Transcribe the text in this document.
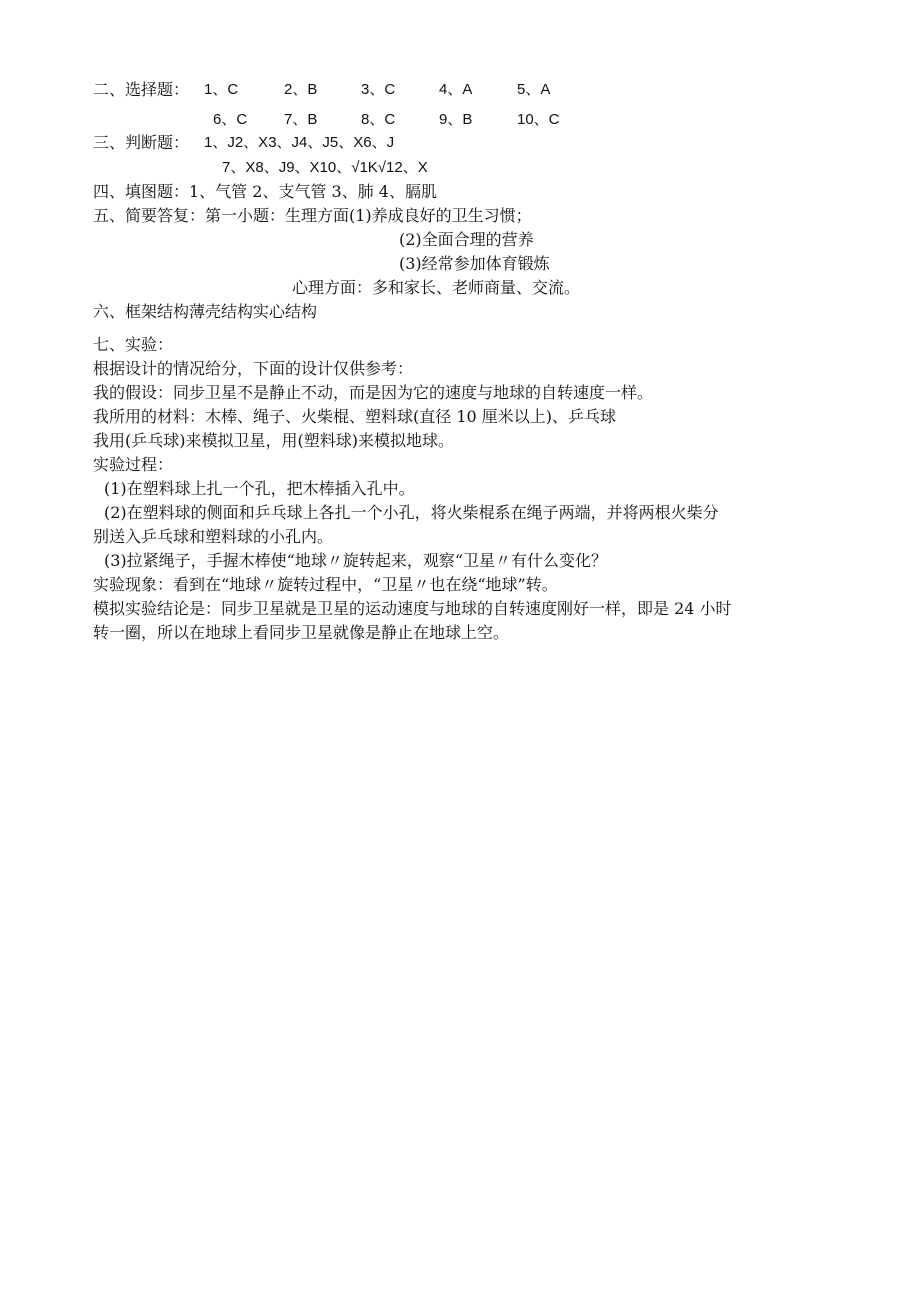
二、选择题： 1、C	2、B	3、C	4、A	5、A
6、C 7、B	8、C	9、B	10、C
三、判断题： 1、J2、X3、J4、J5、X6、J
7、X8、J9、X10、√1K√12、X
四、填图题：1、气管 2、支气管 3、肺 4、膈肌
五、简要答复：第一小题：生理方面(1)养成良好的卫生习惯；
(2)全面合理的营养
(3)经常参加体育锻炼
心理方面：多和家长、老师商量、交流。
六、框架结构薄壳结构实心结构
七、实验：
根据设计的情况给分，下面的设计仅供参考：
我的假设：同步卫星不是静止不动，而是因为它的速度与地球的自转速度一样。
我所用的材料：木棒、绳子、火柴棍、塑料球(直径 10 厘米以上)、乒乓球
我用(乒乓球)来模拟卫星，用(塑料球)来模拟地球。
实验过程：
(1)在塑料球上扎一个孔，把木棒插入孔中。
(2)在塑料球的侧面和乒乓球上各扎一个小孔，将火柴棍系在绳子两端，并将两根火柴分
别送入乒乓球和塑料球的小孔内。
(3)拉紧绳子，手握木棒使“地球〃旋转起来，观察“卫星〃有什么变化？
实验现象：看到在“地球〃旋转过程中，“卫星〃也在绕“地球”转。
模拟实验结论是：同步卫星就是卫星的运动速度与地球的自转速度刚好一样，即是 24 小时
转一圈，所以在地球上看同步卫星就像是静止在地球上空。
